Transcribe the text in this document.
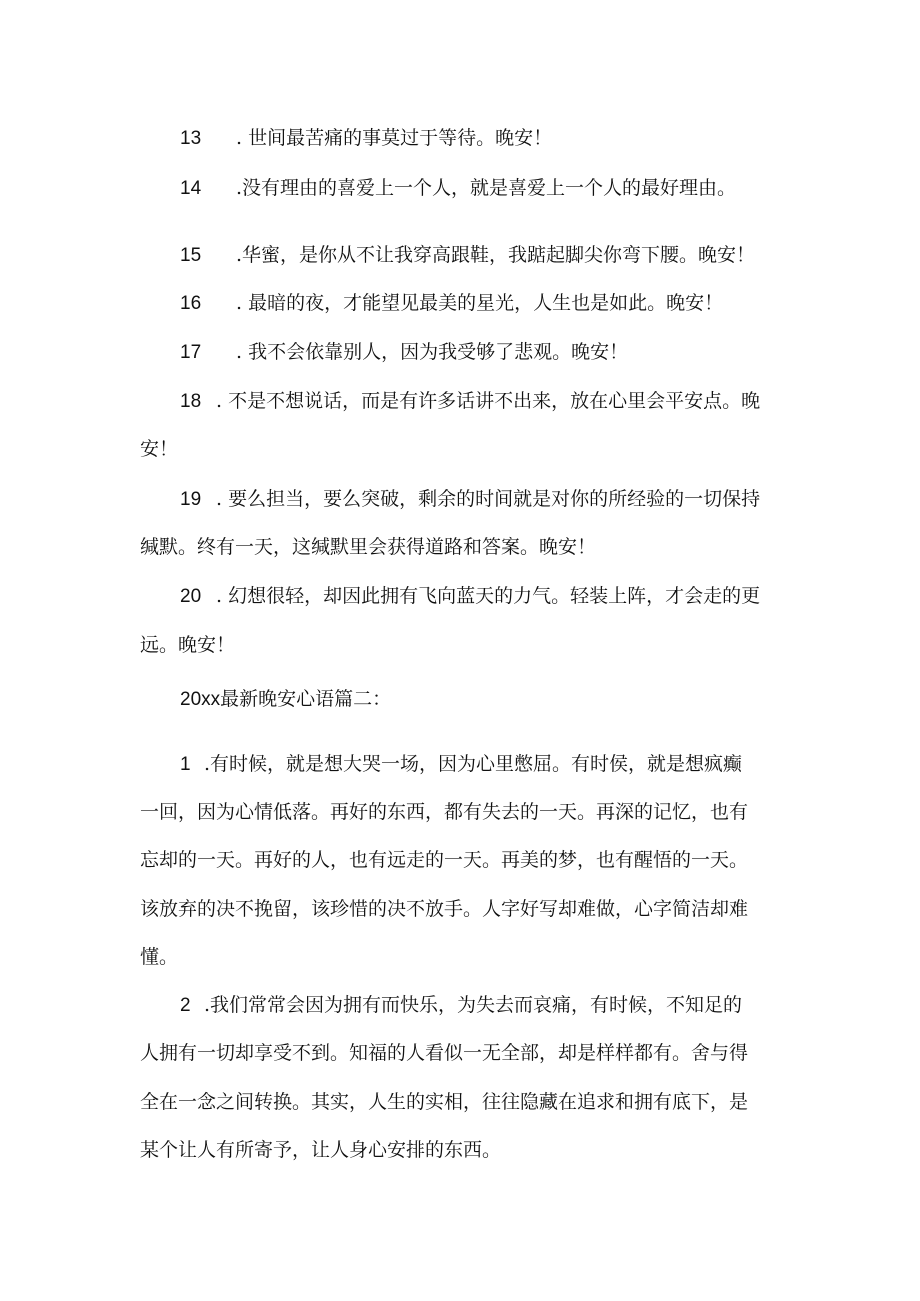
13 . 世间最苦痛的事莫过于等待。晚安！
14 .没有理由的喜爱上一个人，就是喜爱上一个人的最好理由。
15 .华蜜，是你从不让我穿高跟鞋，我踮起脚尖你弯下腰。晚安！
16 . 最暗的夜，才能望见最美的星光，人生也是如此。晚安！
17 . 我不会依靠别人，因为我受够了悲观。晚安！
18 . 不是不想说话，而是有许多话讲不出来，放在心里会平安点。晚
安！
19 . 要么担当，要么突破，剩余的时间就是对你的所经验的一切保持
缄默。终有一天，这缄默里会获得道路和答案。晚安！
20 . 幻想很轻，却因此拥有飞向蓝天的力气。轻装上阵，才会走的更
远。晚安！
20xx最新晚安心语篇二：
1 .有时候，就是想大哭一场，因为心里憋屈。有时侯，就是想疯癫
一回，因为心情低落。再好的东西，都有失去的一天。再深的记忆，也有
忘却的一天。再好的人，也有远走的一天。再美的梦，也有醒悟的一天。
该放弃的决不挽留，该珍惜的决不放手。人字好写却难做，心字简洁却难
懂。
2 .我们常常会因为拥有而快乐，为失去而哀痛，有时候，不知足的
人拥有一切却享受不到。知福的人看似一无全部，却是样样都有。舍与得
全在一念之间转换。其实，人生的实相，往往隐藏在追求和拥有底下，是
某个让人有所寄予，让人身心安排的东西。
